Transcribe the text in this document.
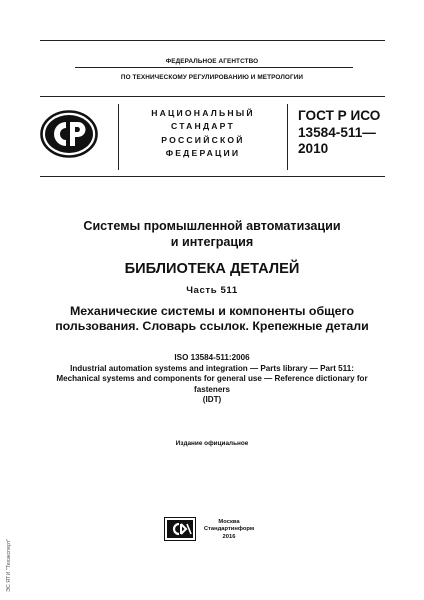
ФЕДЕРАЛЬНОЕ АГЕНТСТВО
ПО ТЕХНИЧЕСКОМУ РЕГУЛИРОВАНИЮ И МЕТРОЛОГИИ
НАЦИОНАЛЬНЫЙ
СТАНДАРТ
РОССИЙСКОЙ
ФЕДЕРАЦИИ
ГОСТ Р ИСО
13584-511—
2010
Системы промышленной автоматизации
и интеграция
БИБЛИОТЕКА ДЕТАЛЕЙ
Часть 511
Механические системы и компоненты общего
пользования. Словарь ссылок. Крепежные детали
ISO 13584-511:2006
Industrial automation systems and integration — Parts library — Part 511:
Mechanical systems and components for general use — Reference dictionary for
fasteners
(IDT)
Издание официальное
Москва
Стандартинформ
2016
ЭС ЯТИ "Техэксперт"
